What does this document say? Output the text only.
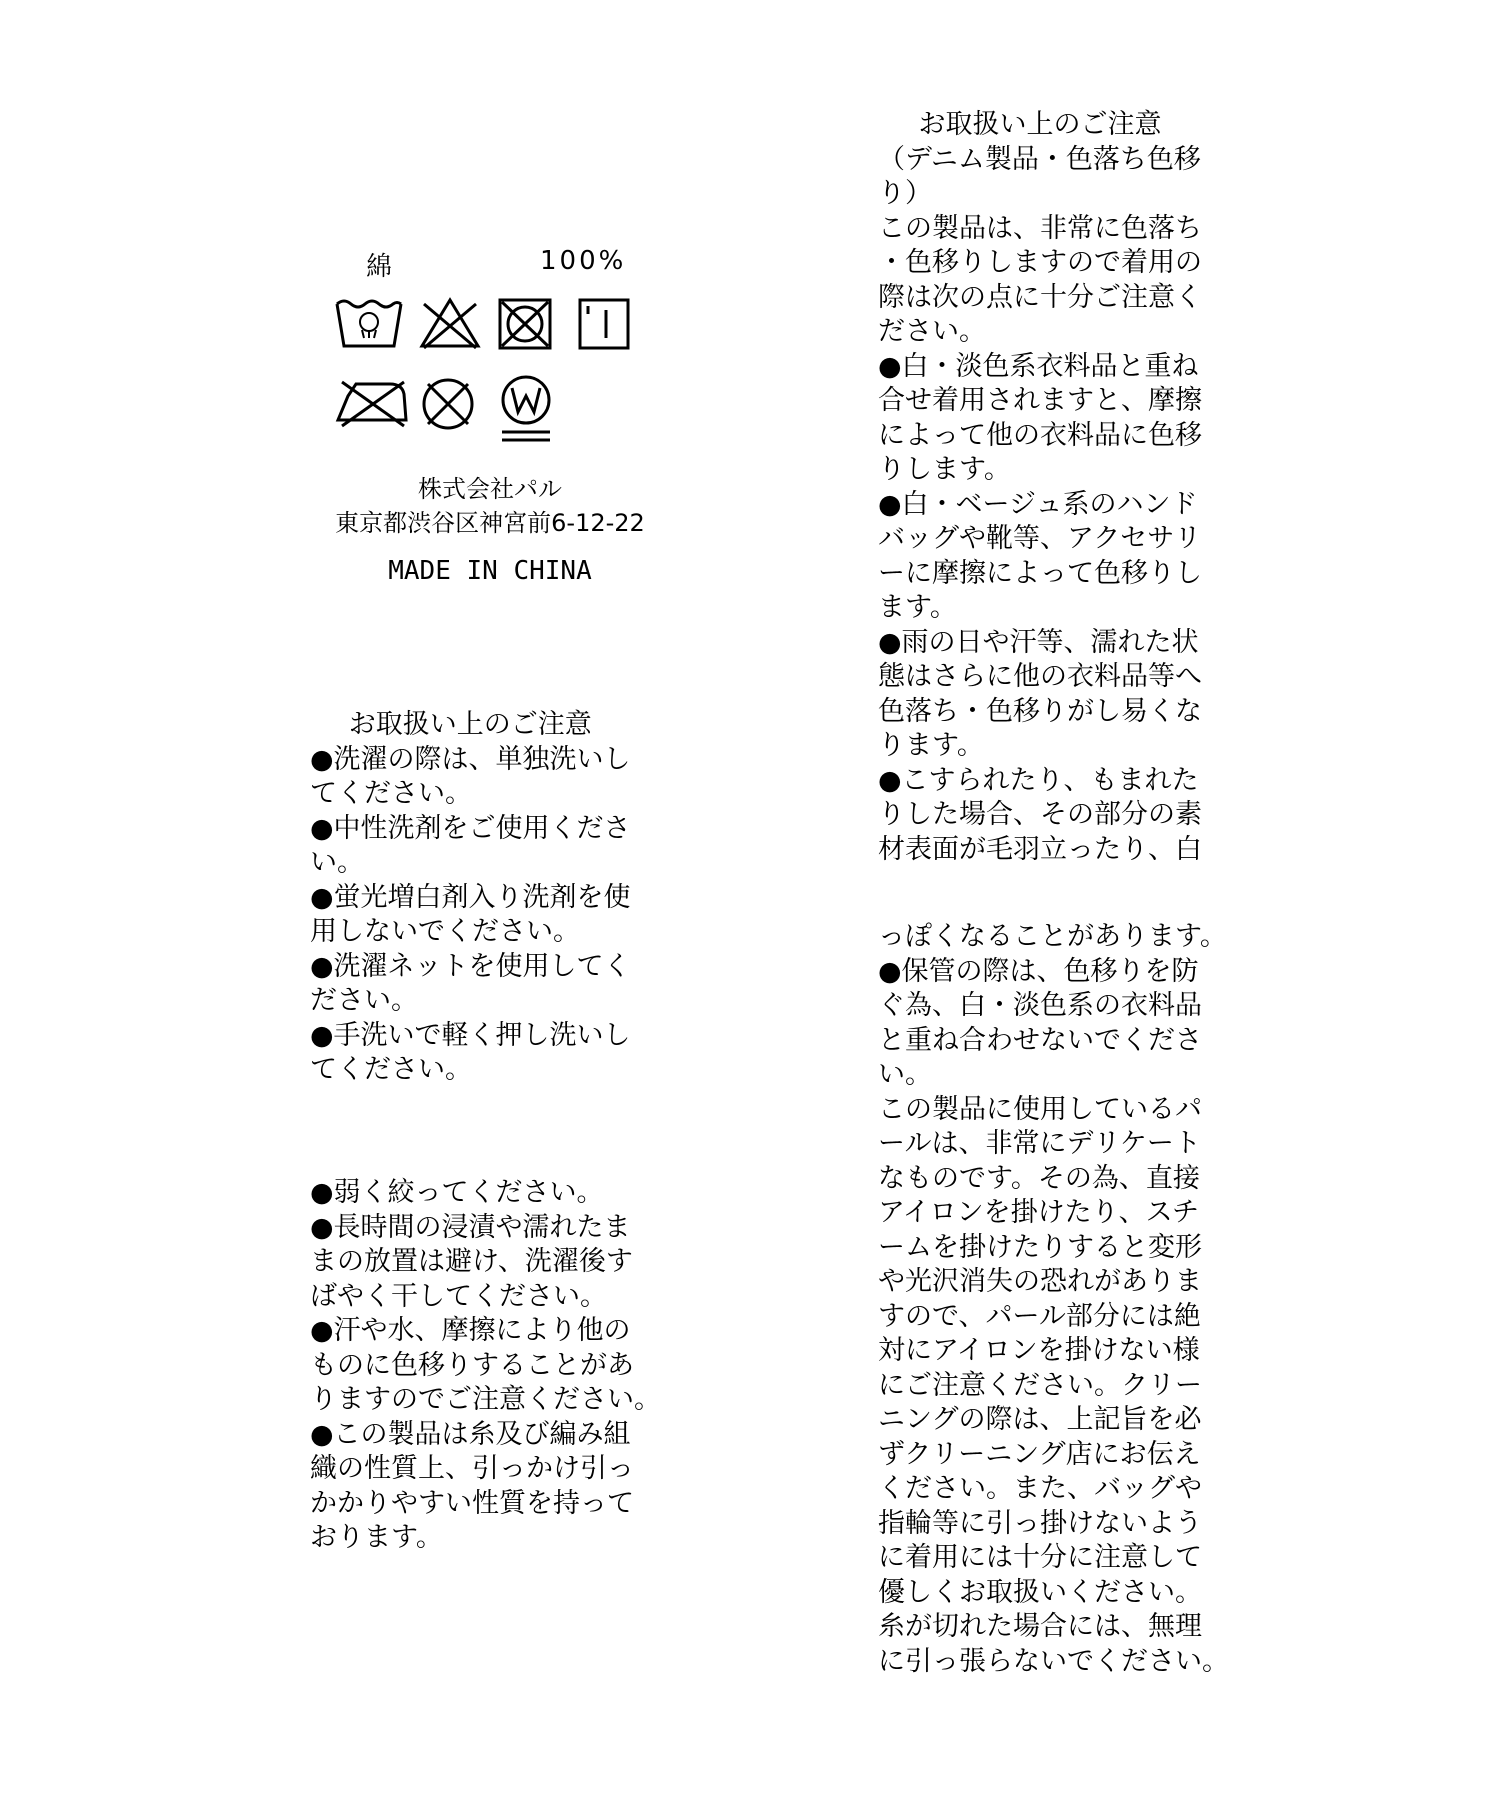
綿	100%
株式会社パル
東京都渋谷区神宮前6-12-22
MADE IN CHINA
お取扱い上のご注意
●洗濯の際は、単独洗いし
てください。
●中性洗剤をご使用くださ
い。
●蛍光増白剤入り洗剤を使
用しないでください。
●洗濯ネットを使用してく
ださい。
●手洗いで軽く押し洗いし
てください。
●弱く絞ってください。
●長時間の浸漬や濡れたま
まの放置は避け、洗濯後す
ばやく干してください。
●汗や水、摩擦により他の
ものに色移りすることがあ
りますのでご注意ください。
●この製品は糸及び編み組
織の性質上、引っかけ引っ
かかりやすい性質を持って
おります。
お取扱い上のご注意
（デニム製品・色落ち色移
り）
この製品は、非常に色落ち
・色移りしますので着用の
際は次の点に十分ご注意く
ださい。
●白・淡色系衣料品と重ね
合せ着用されますと、摩擦
によって他の衣料品に色移
りします。
●白・ベージュ系のハンド
バッグや靴等、アクセサリ
ーに摩擦によって色移りし
ます。
●雨の日や汗等、濡れた状
態はさらに他の衣料品等へ
色落ち・色移りがし易くな
ります。
●こすられたり、もまれた
りした場合、その部分の素
材表面が毛羽立ったり、白
っぽくなることがあります。
●保管の際は、色移りを防
ぐ為、白・淡色系の衣料品
と重ね合わせないでくださ
い。
この製品に使用しているパ
ールは、非常にデリケート
なものです。その為、直接
アイロンを掛けたり、スチ
ームを掛けたりすると変形
や光沢消失の恐れがありま
すので、パール部分には絶
対にアイロンを掛けない様
にご注意ください。クリー
ニングの際は、上記旨を必
ずクリーニング店にお伝え
ください。また、バッグや
指輪等に引っ掛けないよう
に着用には十分に注意して
優しくお取扱いください。
糸が切れた場合には、無理
に引っ張らないでください。
